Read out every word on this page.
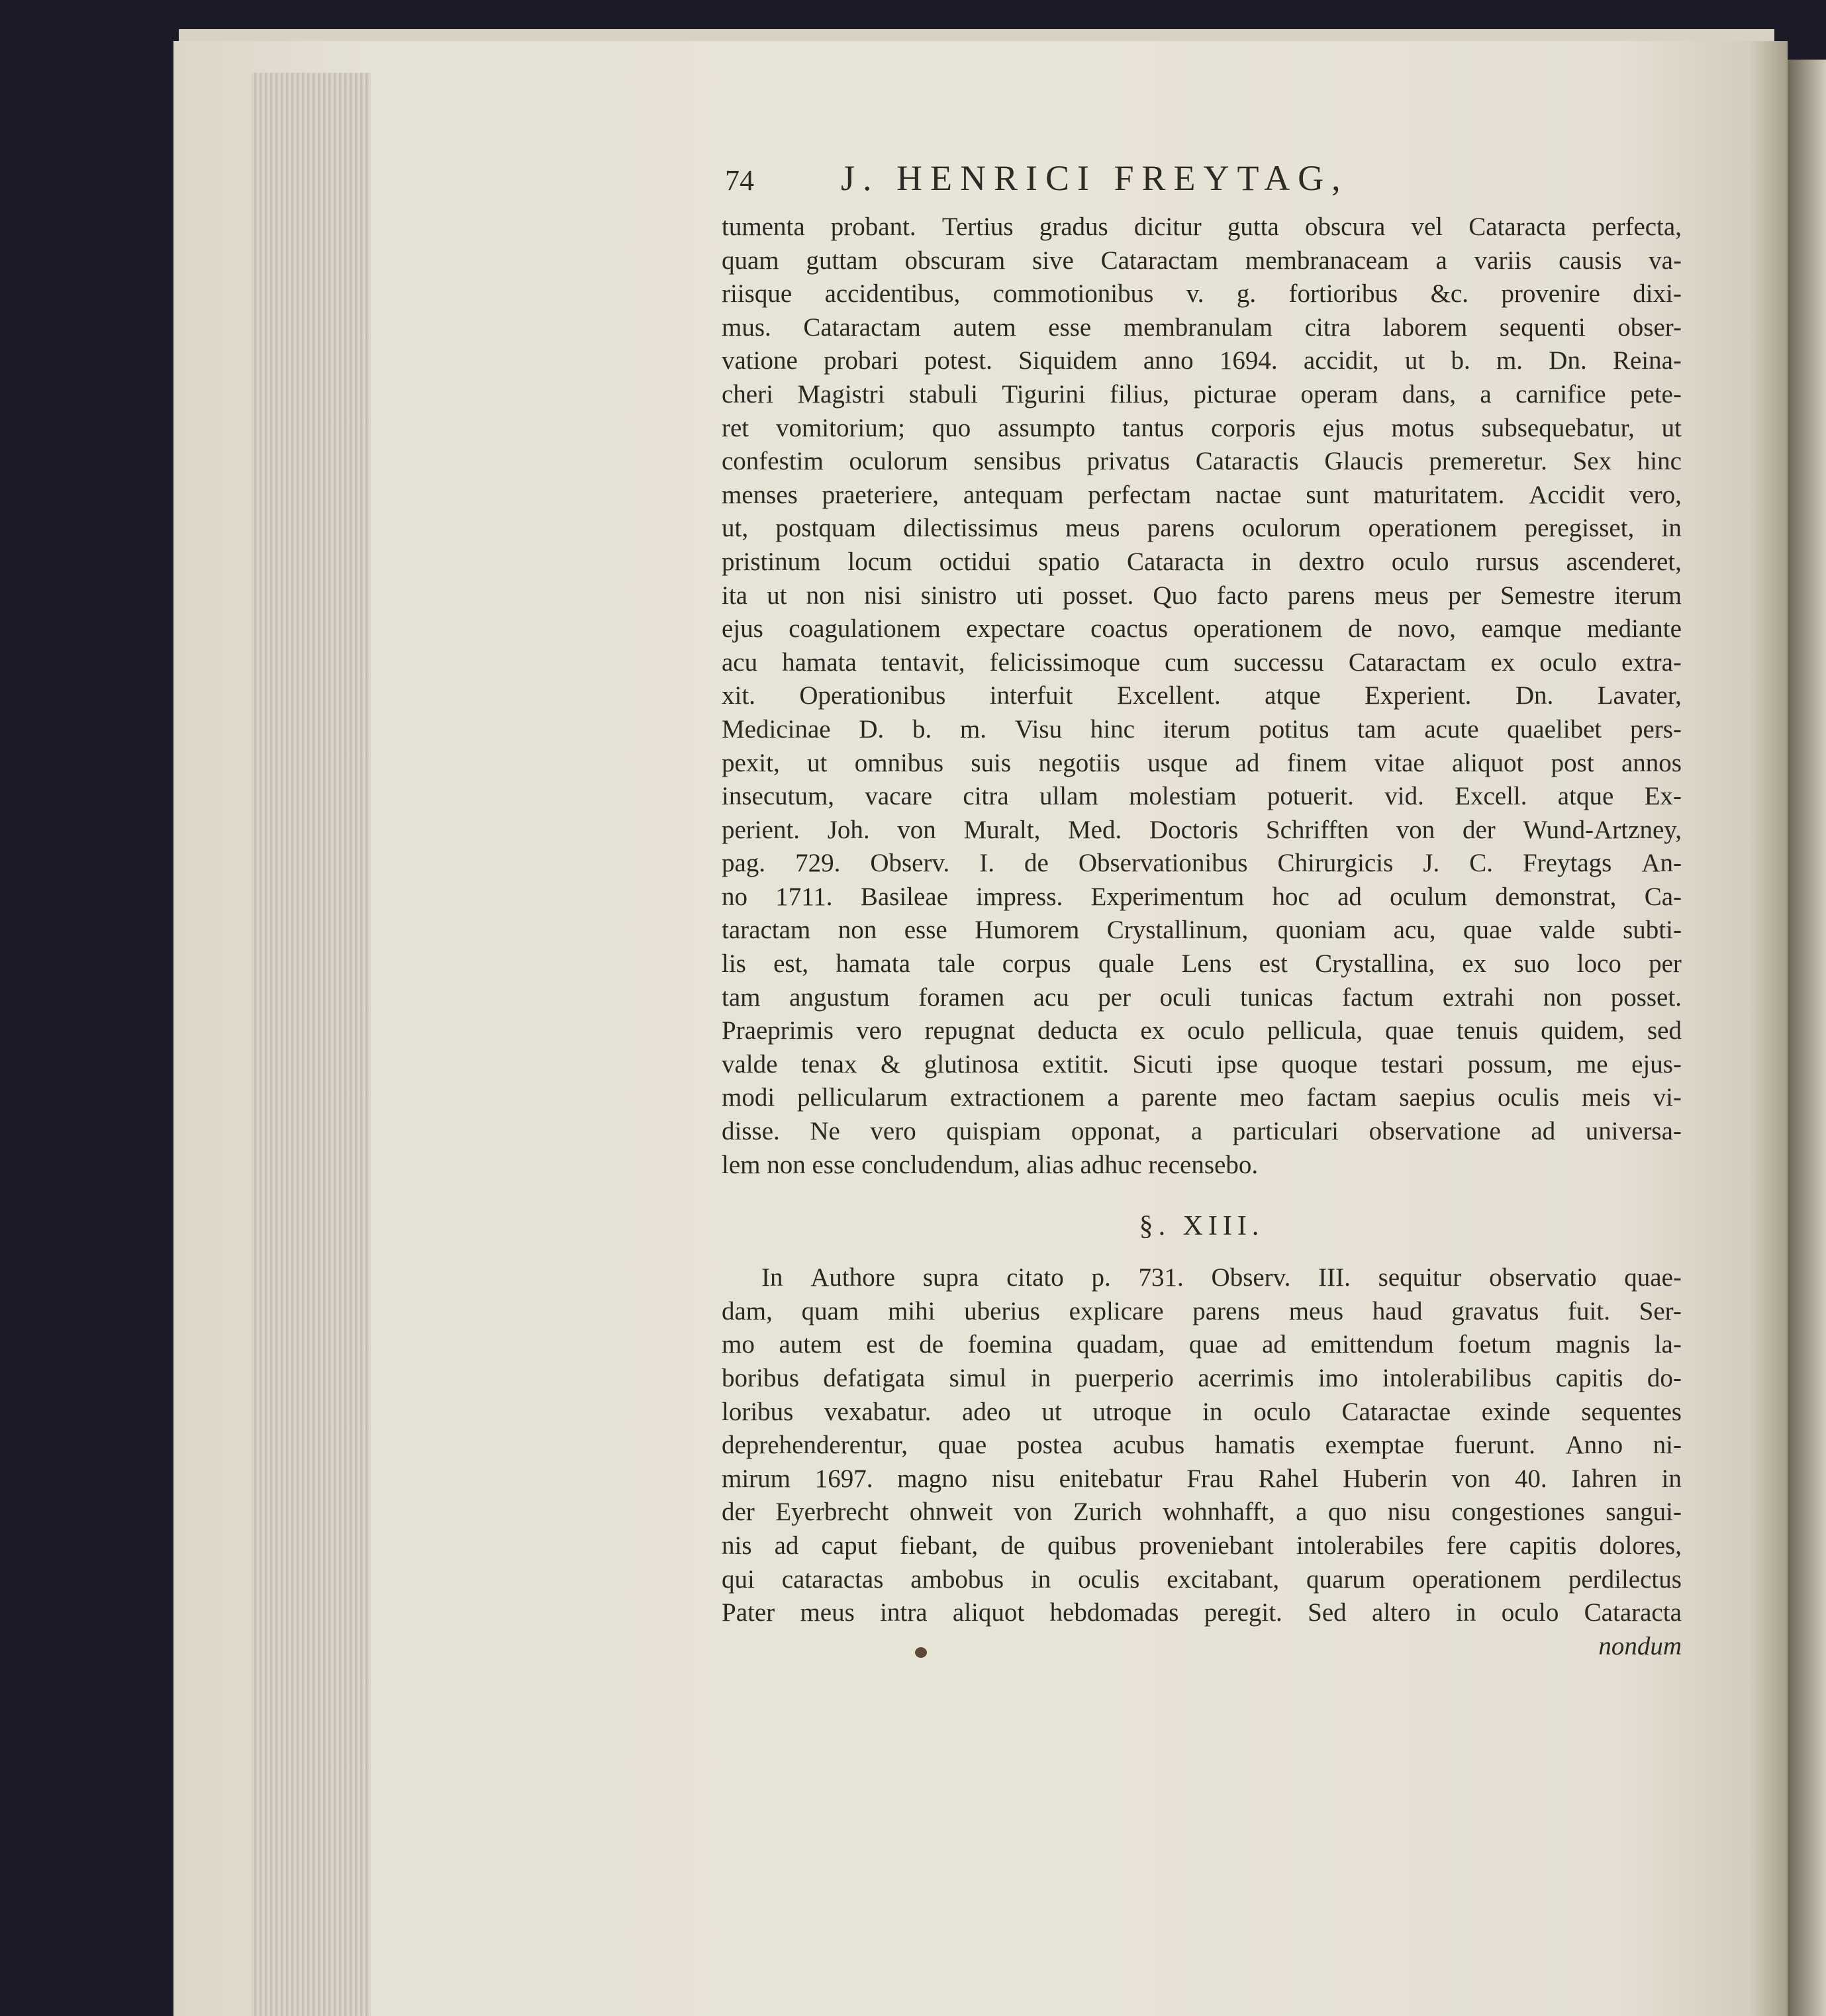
74	J. HENRICI FREYTAG,
tumenta probant. Tertius gradus dicitur gutta obscura vel Cataracta perfecta,
quam guttam obscuram sive Cataractam membranaceam a variis causis va-
riisque accidentibus, commotionibus v. g. fortioribus &c. provenire dixi-
mus. Cataractam autem esse membranulam citra laborem sequenti obser-
vatione probari potest. Siquidem anno 1694. accidit, ut b. m. Dn. Reina-
cheri Magistri stabuli Tigurini filius, picturae operam dans, a carnifice pete-
ret vomitorium; quo assumpto tantus corporis ejus motus subsequebatur, ut
confestim oculorum sensibus privatus Cataractis Glaucis premeretur. Sex hinc
menses praeteriere, antequam perfectam nactae sunt maturitatem. Accidit vero,
ut, postquam dilectissimus meus parens oculorum operationem peregisset, in
pristinum locum octidui spatio Cataracta in dextro oculo rursus ascenderet,
ita ut non nisi sinistro uti posset. Quo facto parens meus per Semestre iterum
ejus coagulationem expectare coactus operationem de novo, eamque mediante
acu hamata tentavit, felicissimoque cum successu Cataractam ex oculo extra-
xit. Operationibus interfuit Excellent. atque Experient. Dn. Lavater,
Medicinae D. b. m. Visu hinc iterum potitus tam acute quaelibet pers-
pexit, ut omnibus suis negotiis usque ad finem vitae aliquot post annos
insecutum, vacare citra ullam molestiam potuerit. vid. Excell. atque Ex-
perient. Joh. von Muralt, Med. Doctoris Schrifften von der Wund-Artzney,
pag. 729. Observ. I. de Observationibus Chirurgicis J. C. Freytags An-
no 1711. Basileae impress. Experimentum hoc ad oculum demonstrat, Ca-
taractam non esse Humorem Crystallinum, quoniam acu, quae valde subti-
lis est, hamata tale corpus quale Lens est Crystallina, ex suo loco per
tam angustum foramen acu per oculi tunicas factum extrahi non posset.
Praeprimis vero repugnat deducta ex oculo pellicula, quae tenuis quidem, sed
valde tenax & glutinosa extitit. Sicuti ipse quoque testari possum, me ejus-
modi pellicularum extractionem a parente meo factam saepius oculis meis vi-
disse. Ne vero quispiam opponat, a particulari observatione ad universa-
lem non esse concludendum, alias adhuc recensebo.
§. XIII.
In Authore supra citato p. 731. Observ. III. sequitur observatio quae-
dam, quam mihi uberius explicare parens meus haud gravatus fuit. Ser-
mo autem est de foemina quadam, quae ad emittendum foetum magnis la-
boribus defatigata simul in puerperio acerrimis imo intolerabilibus capitis do-
loribus vexabatur. adeo ut utroque in oculo Cataractae exinde sequentes
deprehenderentur, quae postea acubus hamatis exemptae fuerunt. Anno ni-
mirum 1697. magno nisu enitebatur Frau Rahel Huberin von 40. Iahren in
der Eyerbrecht ohnweit von Zurich wohnhafft, a quo nisu congestiones sangui-
nis ad caput fiebant, de quibus proveniebant intolerabiles fere capitis dolores,
qui cataractas ambobus in oculis excitabant, quarum operationem perdilectus
Pater meus intra aliquot hebdomadas peregit. Sed altero in oculo Cataracta
nondum
